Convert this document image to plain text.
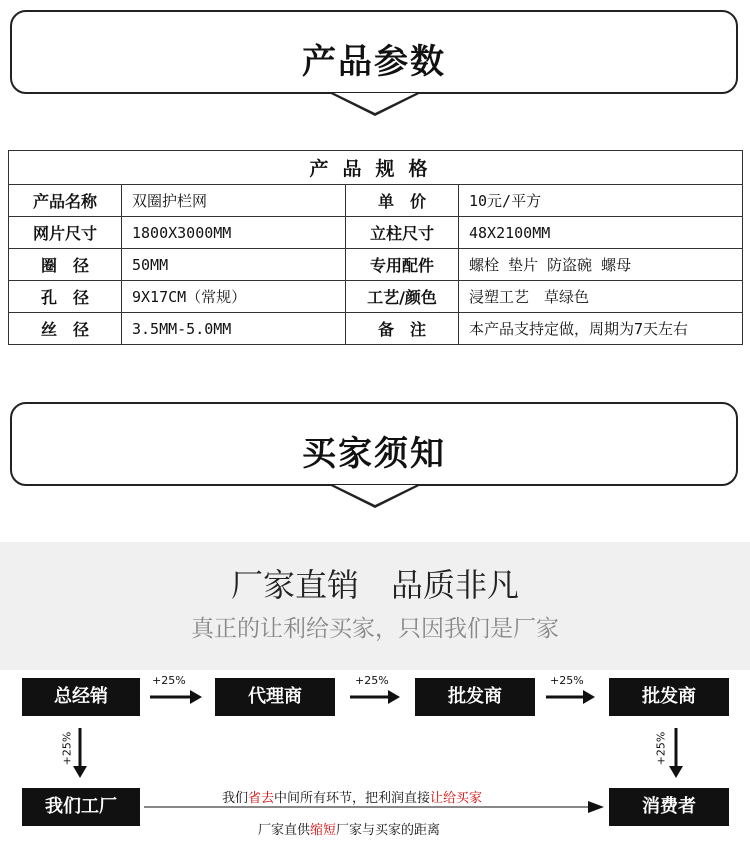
产品参数
产品规格			
产品名称	双圈护栏网	单　价	10元/平方
网片尺寸	1800X3000MM	立柱尺寸	48X2100MM
圈　径	50MM	专用配件	螺栓 垫片 防盗碗 螺母
孔　径	9X17CM（常规）	工艺/颜色	浸塑工艺　草绿色
丝　径	3.5MM-5.0MM	备　注	本产品支持定做，周期为7天左右
买家须知
厂家直销　品质非凡
真正的让利给买家，只因我们是厂家
总经销	代理商	批发商	批发商
+25%	+25%	+25%
我们工厂	消费者
+25%	+25%
我们省去中间所有环节，把利润直接让给买家
厂家直供缩短厂家与买家的距离
